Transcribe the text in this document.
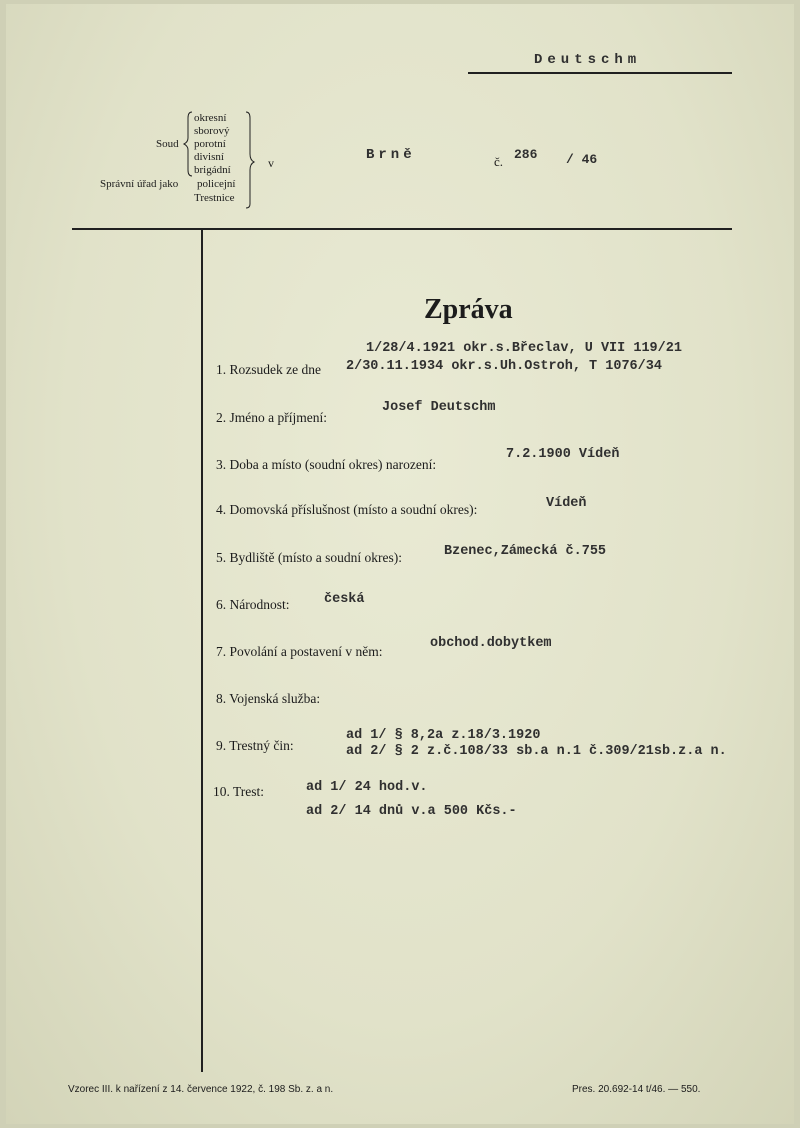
Deutschm
okresní
sborový
porotní
divisní
brigádní
Soud
Správní úřad jako policejní
Trestnice
v	Brně	č. 286 / 46
Zpráva
1. Rozsudek ze dne
1/28/4.1921 okr.s.Břeclav, U VII 119/21
2/30.11.1934 okr.s.Uh.Ostroh, T 1076/34
2. Jméno a příjmení:
Josef Deutschm
3. Doba a místo (soudní okres) narození:
7.2.1900 Vídeň
4. Domovská příslušnost (místo a soudní okres):	Vídeň
5. Bydliště (místo a soudní okres):	Bzenec,Zámecká č.755
6. Národnost:	česká
7. Povolání a postavení v něm:
obchod.dobytkem
8. Vojenská služba:
9. Trestný čin:
ad 1/ § 8,2a z.18/3.1920
ad 2/ § 2 z.č.108/33 sb.a n.1 č.309/21sb.z.a n.
10. Trest:	ad 1/ 24 hod.v.
ad 2/ 14 dnů v.a 500 Kčs.-
Vzorec III. k nařízení z 14. července 1922, č. 198 Sb. z. a n.	Pres. 20.692-14 t/46. — 550.
